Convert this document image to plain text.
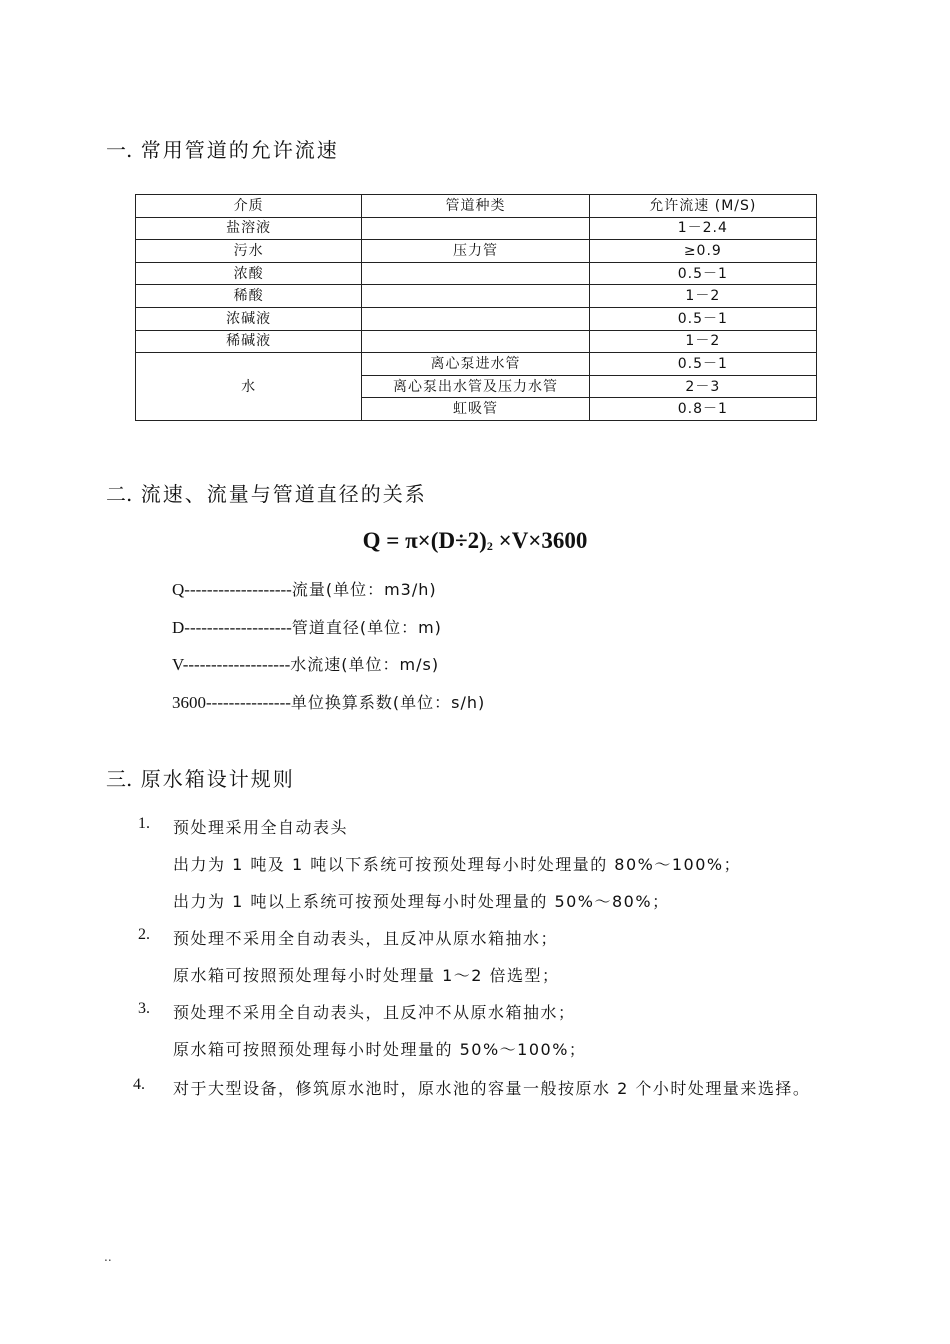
一. 常用管道的允许流速
介质	管道种类	允许流速 (M/S)
盐溶液		1－2.4
污水	压力管	≥0.9
浓酸		0.5－1
稀酸		1－2
浓碱液		0.5－1
稀碱液		1－2
水	离心泵进水管	0.5－1
	离心泵出水管及压力水管	2－3
	虹吸管	0.8－1
二. 流速、流量与管道直径的关系
$Q = \pi\times(D\div 2)_2 \times V\times 3600$
Q-------------------流量(单位：m3/h)
D-------------------管道直径(单位：m)
V-------------------水流速(单位：m/s)
3600---------------单位换算系数(单位：s/h)
三. 原水箱设计规则
1. 预处理采用全自动表头
出力为 1 吨及 1 吨以下系统可按预处理每小时处理量的 80%～100%；
出力为 1 吨以上系统可按预处理每小时处理量的 50%～80%；
2. 预处理不采用全自动表头，且反冲从原水箱抽水；
原水箱可按照预处理每小时处理量 1～2 倍选型；
3. 预处理不采用全自动表头，且反冲不从原水箱抽水；
原水箱可按照预处理每小时处理量的 50%～100%；
4. 对于大型设备，修筑原水池时，原水池的容量一般按原水 2 个小时处理量来选择。
..
